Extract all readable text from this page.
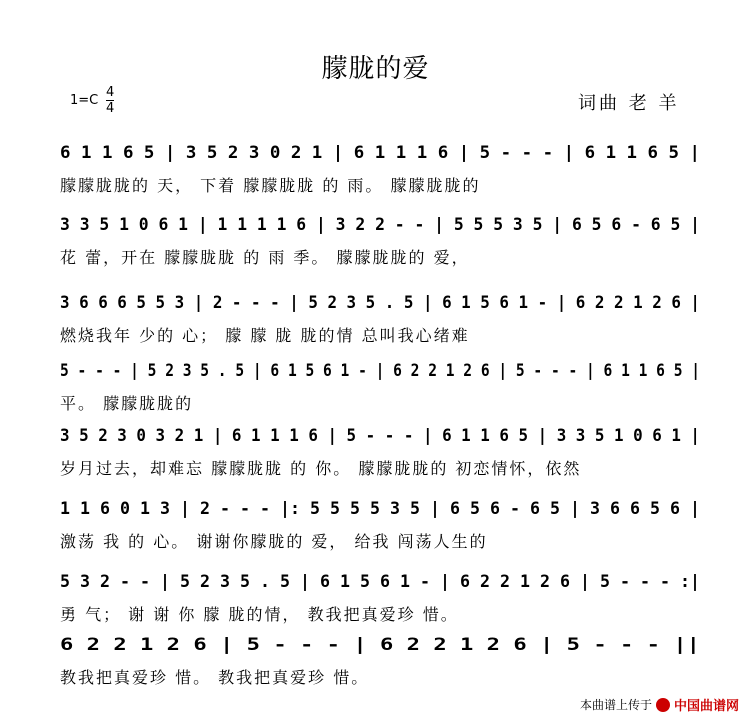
朦胧的爱
1=C
4
4	词曲 老 羊
6 1 1 6 5 | 3 5 2 3 0 2 1 | 6 1 1 1 6 | 5 - - - | 6 1 1 6 5 |
3 3 5 1 0 6 1 | 1 1 1 1 6 | 3 2 2 - - | 5 5 5 3 5 | 6 5 6 - 6 5 |
3 6 6 6 5 5 3 | 2 - - - | 5 2 3 5 . 5 | 6 1 5 6 1 - | 6 2 2 1 2 6 |
5 - - - | 5 2 3 5 . 5 | 6 1 5 6 1 - | 6 2 2 1 2 6 | 5 - - - | 6 1 1 6 5 |
3 5 2 3 0 3 2 1 | 6 1 1 1 6 | 5 - - - | 6 1 1 6 5 | 3 3 5 1 0 6 1 |
1 1 6 0 1 3 | 2 - - - |: 5 5 5 5 3 5 | 6 5 6 - 6 5 | 3 6 6 5 6 |
5 3 2 - - | 5 2 3 5 . 5 | 6 1 5 6 1 - | 6 2 2 1 2 6 | 5 - - - :|
6 2 2 1 2 6 | 5 - - - | 6 2 2 1 2 6 | 5 - - - ||
朦朦胧胧的 天， 下着 朦朦胧胧 的 雨。 朦朦胧胧的
花 蕾，开在 朦朦胧胧 的 雨 季。 朦朦胧胧的 爱，
燃烧我年 少的 心； 朦 朦 胧 胧的情 总叫我心绪难
平。 朦朦胧胧的
岁月过去，却难忘 朦朦胧胧 的 你。 朦朦胧胧的 初恋情怀，依然
激荡 我 的 心。 谢谢你朦胧的 爱， 给我 闯荡人生的
勇 气； 谢 谢 你 朦 胧的情， 教我把真爱珍 惜。
教我把真爱珍 惜。 教我把真爱珍 惜。
本曲谱上传于 中国曲谱网
